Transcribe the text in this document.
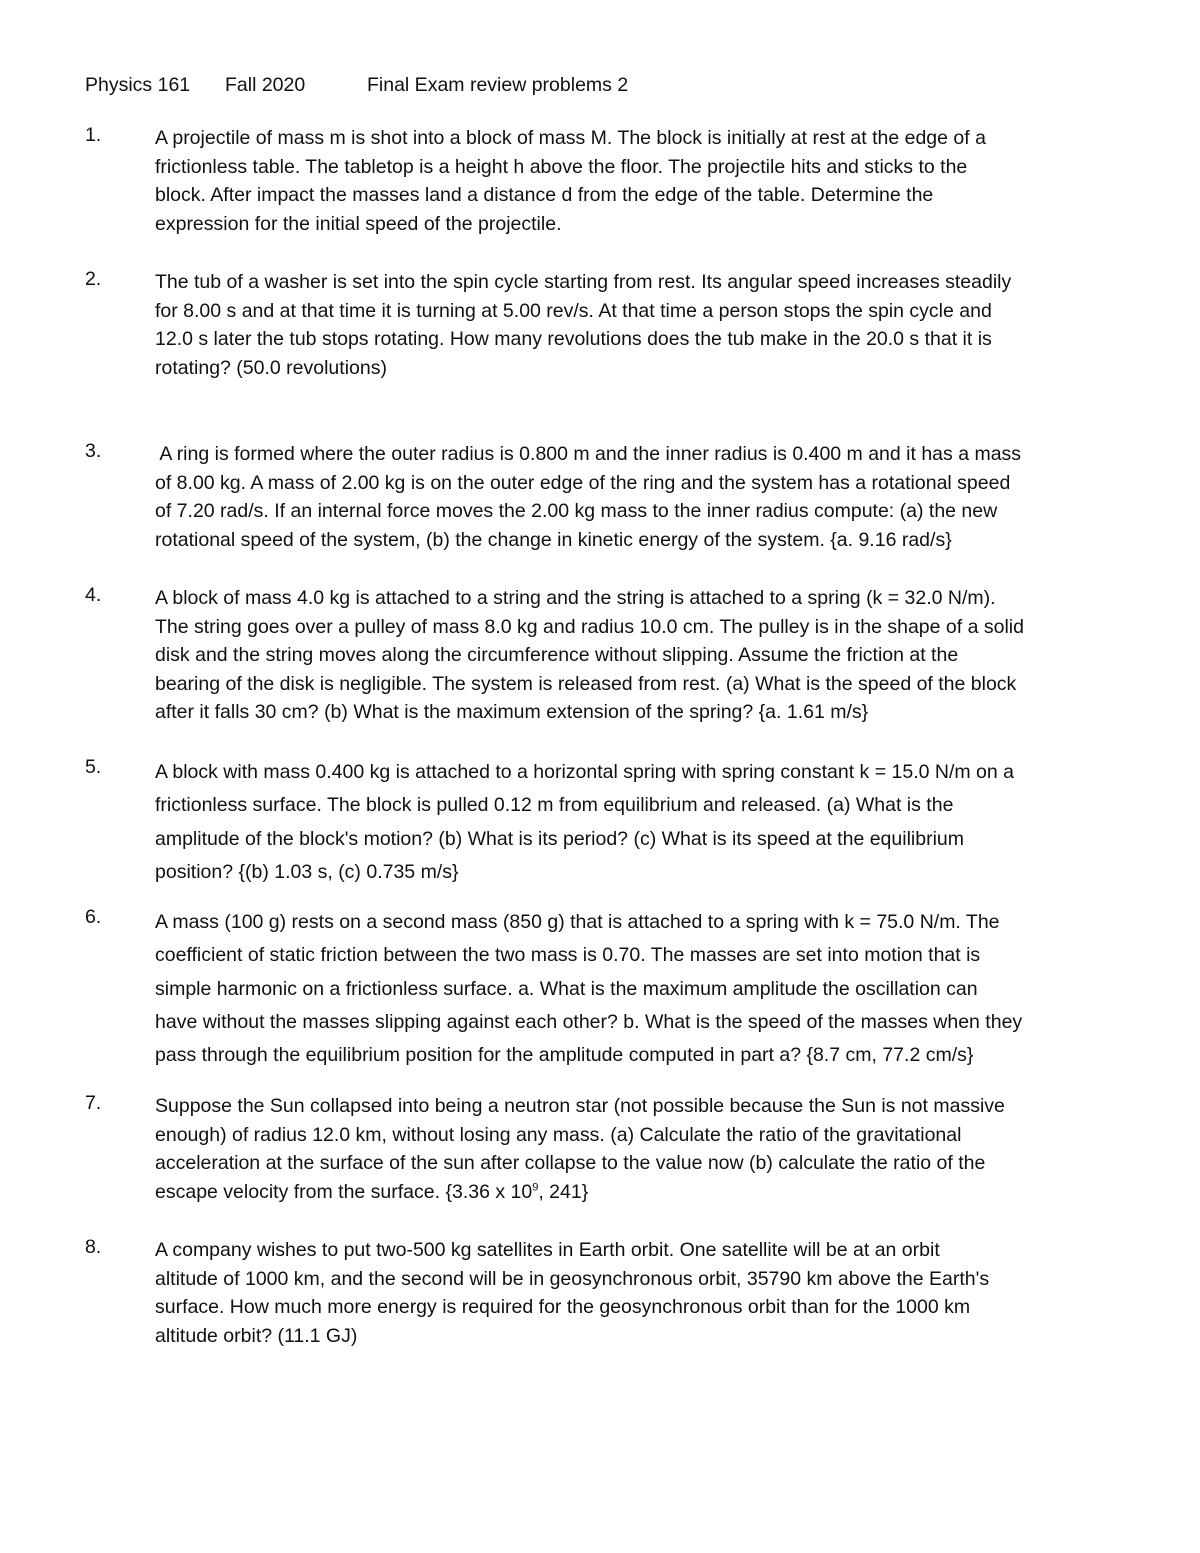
Physics 161 Fall 2020	Final Exam review problems 2
1.	A projectile of mass m is shot into a block of mass M. The block is initially at rest at the edge of a
frictionless table. The tabletop is a height h above the floor. The projectile hits and sticks to the
block. After impact the masses land a distance d from the edge of the table. Determine the
expression for the initial speed of the projectile.
2.	The tub of a washer is set into the spin cycle starting from rest. Its angular speed increases steadily
for 8.00 s and at that time it is turning at 5.00 rev/s. At that time a person stops the spin cycle and
12.0 s later the tub stops rotating. How many revolutions does the tub make in the 20.0 s that it is
rotating? (50.0 revolutions)
3.	A ring is formed where the outer radius is 0.800 m and the inner radius is 0.400 m and it has a mass
of 8.00 kg. A mass of 2.00 kg is on the outer edge of the ring and the system has a rotational speed
of 7.20 rad/s. If an internal force moves the 2.00 kg mass to the inner radius compute: (a) the new
rotational speed of the system, (b) the change in kinetic energy of the system. {a. 9.16 rad/s}
4.	A block of mass 4.0 kg is attached to a string and the string is attached to a spring (k = 32.0 N/m).
The string goes over a pulley of mass 8.0 kg and radius 10.0 cm. The pulley is in the shape of a solid
disk and the string moves along the circumference without slipping. Assume the friction at the
bearing of the disk is negligible. The system is released from rest. (a) What is the speed of the block
after it falls 30 cm? (b) What is the maximum extension of the spring? {a. 1.61 m/s}
5.	A block with mass 0.400 kg is attached to a horizontal spring with spring constant k = 15.0 N/m on a
frictionless surface. The block is pulled 0.12 m from equilibrium and released. (a) What is the
amplitude of the block's motion? (b) What is its period? (c) What is its speed at the equilibrium
position? {(b) 1.03 s, (c) 0.735 m/s}
6.	A mass (100 g) rests on a second mass (850 g) that is attached to a spring with k = 75.0 N/m. The
coefficient of static friction between the two mass is 0.70. The masses are set into motion that is
simple harmonic on a frictionless surface. a. What is the maximum amplitude the oscillation can
have without the masses slipping against each other? b. What is the speed of the masses when they
pass through the equilibrium position for the amplitude computed in part a? {8.7 cm, 77.2 cm/s}
7.	Suppose the Sun collapsed into being a neutron star (not possible because the Sun is not massive
enough) of radius 12.0 km, without losing any mass. (a) Calculate the ratio of the gravitational
acceleration at the surface of the sun after collapse to the value now (b) calculate the ratio of the
escape velocity from the surface. {3.36 x $10^9$, 241}
8.	A company wishes to put two-500 kg satellites in Earth orbit. One satellite will be at an orbit
altitude of 1000 km, and the second will be in geosynchronous orbit, 35790 km above the Earth's
surface. How much more energy is required for the geosynchronous orbit than for the 1000 km
altitude orbit? (11.1 GJ)
